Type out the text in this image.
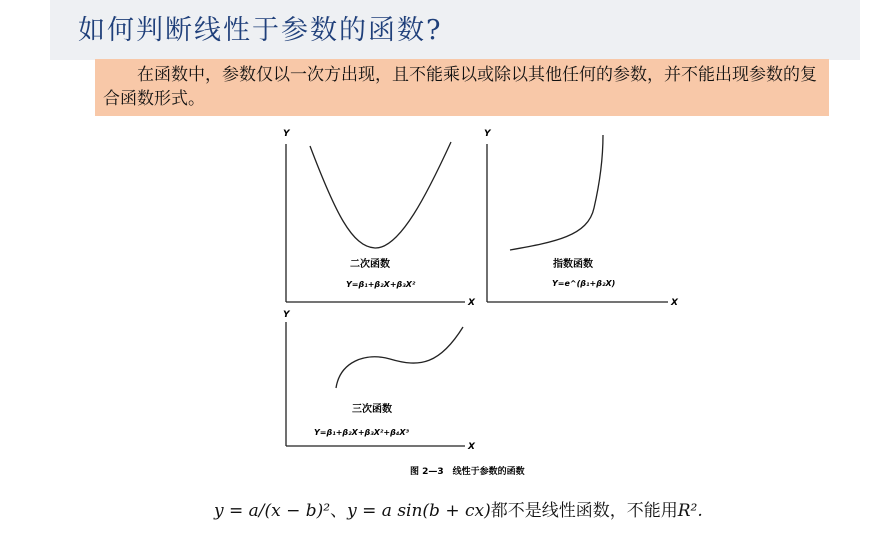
如何判断线性于参数的函数?

在函数中，参数仅以一次方出现，且不能乘以或除以其他任何的参数，并不能出现参数的复合函数形式。

Y
X
二次函数
Y=β₁+β₂X+β₃X²
Y
X
指数函数
Y=e^(β₁+β₂X)
Y
X
三次函数
Y=β₁+β₂X+β₃X²+β₄X³
图 2—3　线性于参数的函数
y = a/(x − b)²、y = a sin(b + cx)都不是线性函数，不能用R².
